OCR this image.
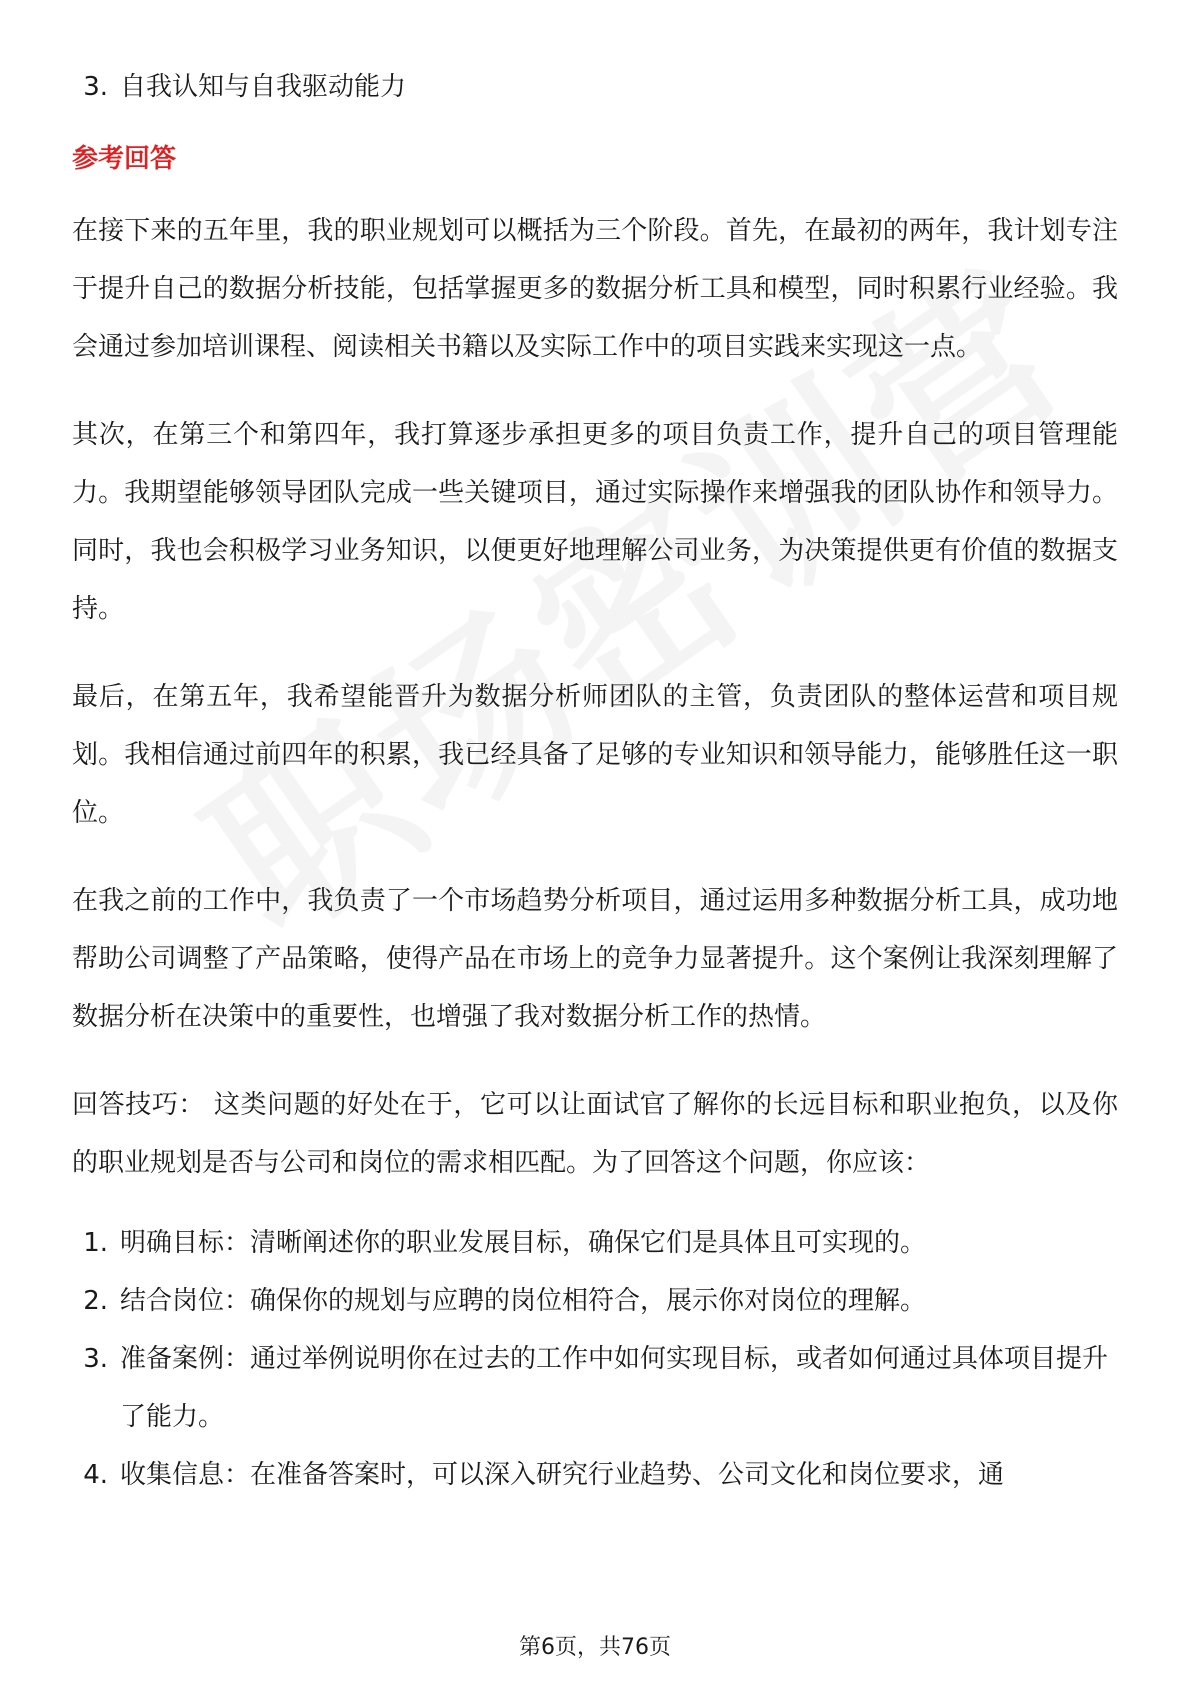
3. 自我认知与自我驱动能力
参考回答

在接下来的五年里，我的职业规划可以概括为三个阶段。首先，在最初的两年，我计划专注于提升自己的数据分析技能，包括掌握更多的数据分析工具和模型，同时积累行业经验。我会通过参加培训课程、阅读相关书籍以及实际工作中的项目实践来实现这一点。

其次，在第三个和第四年，我打算逐步承担更多的项目负责工作，提升自己的项目管理能力。我期望能够领导团队完成一些关键项目，通过实际操作来增强我的团队协作和领导力。同时，我也会积极学习业务知识，以便更好地理解公司业务，为决策提供更有价值的数据支持。

最后，在第五年，我希望能晋升为数据分析师团队的主管，负责团队的整体运营和项目规划。我相信通过前四年的积累，我已经具备了足够的专业知识和领导能力，能够胜任这一职位。

在我之前的工作中，我负责了一个市场趋势分析项目，通过运用多种数据分析工具，成功地帮助公司调整了产品策略，使得产品在市场上的竞争力显著提升。这个案例让我深刻理解了数据分析在决策中的重要性，也增强了我对数据分析工作的热情。

回答技巧： 这类问题的好处在于，它可以让面试官了解你的长远目标和职业抱负，以及你的职业规划是否与公司和岗位的需求相匹配。为了回答这个问题，你应该：

1. 明确目标：清晰阐述你的职业发展目标，确保它们是具体且可实现的。
2. 结合岗位：确保你的规划与应聘的岗位相符合，展示你对岗位的理解。
3. 准备案例：通过举例说明你在过去的工作中如何实现目标，或者如何通过具体项目提升了能力。
4. 收集信息：在准备答案时，可以深入研究行业趋势、公司文化和岗位要求，通
第6页，共76页
